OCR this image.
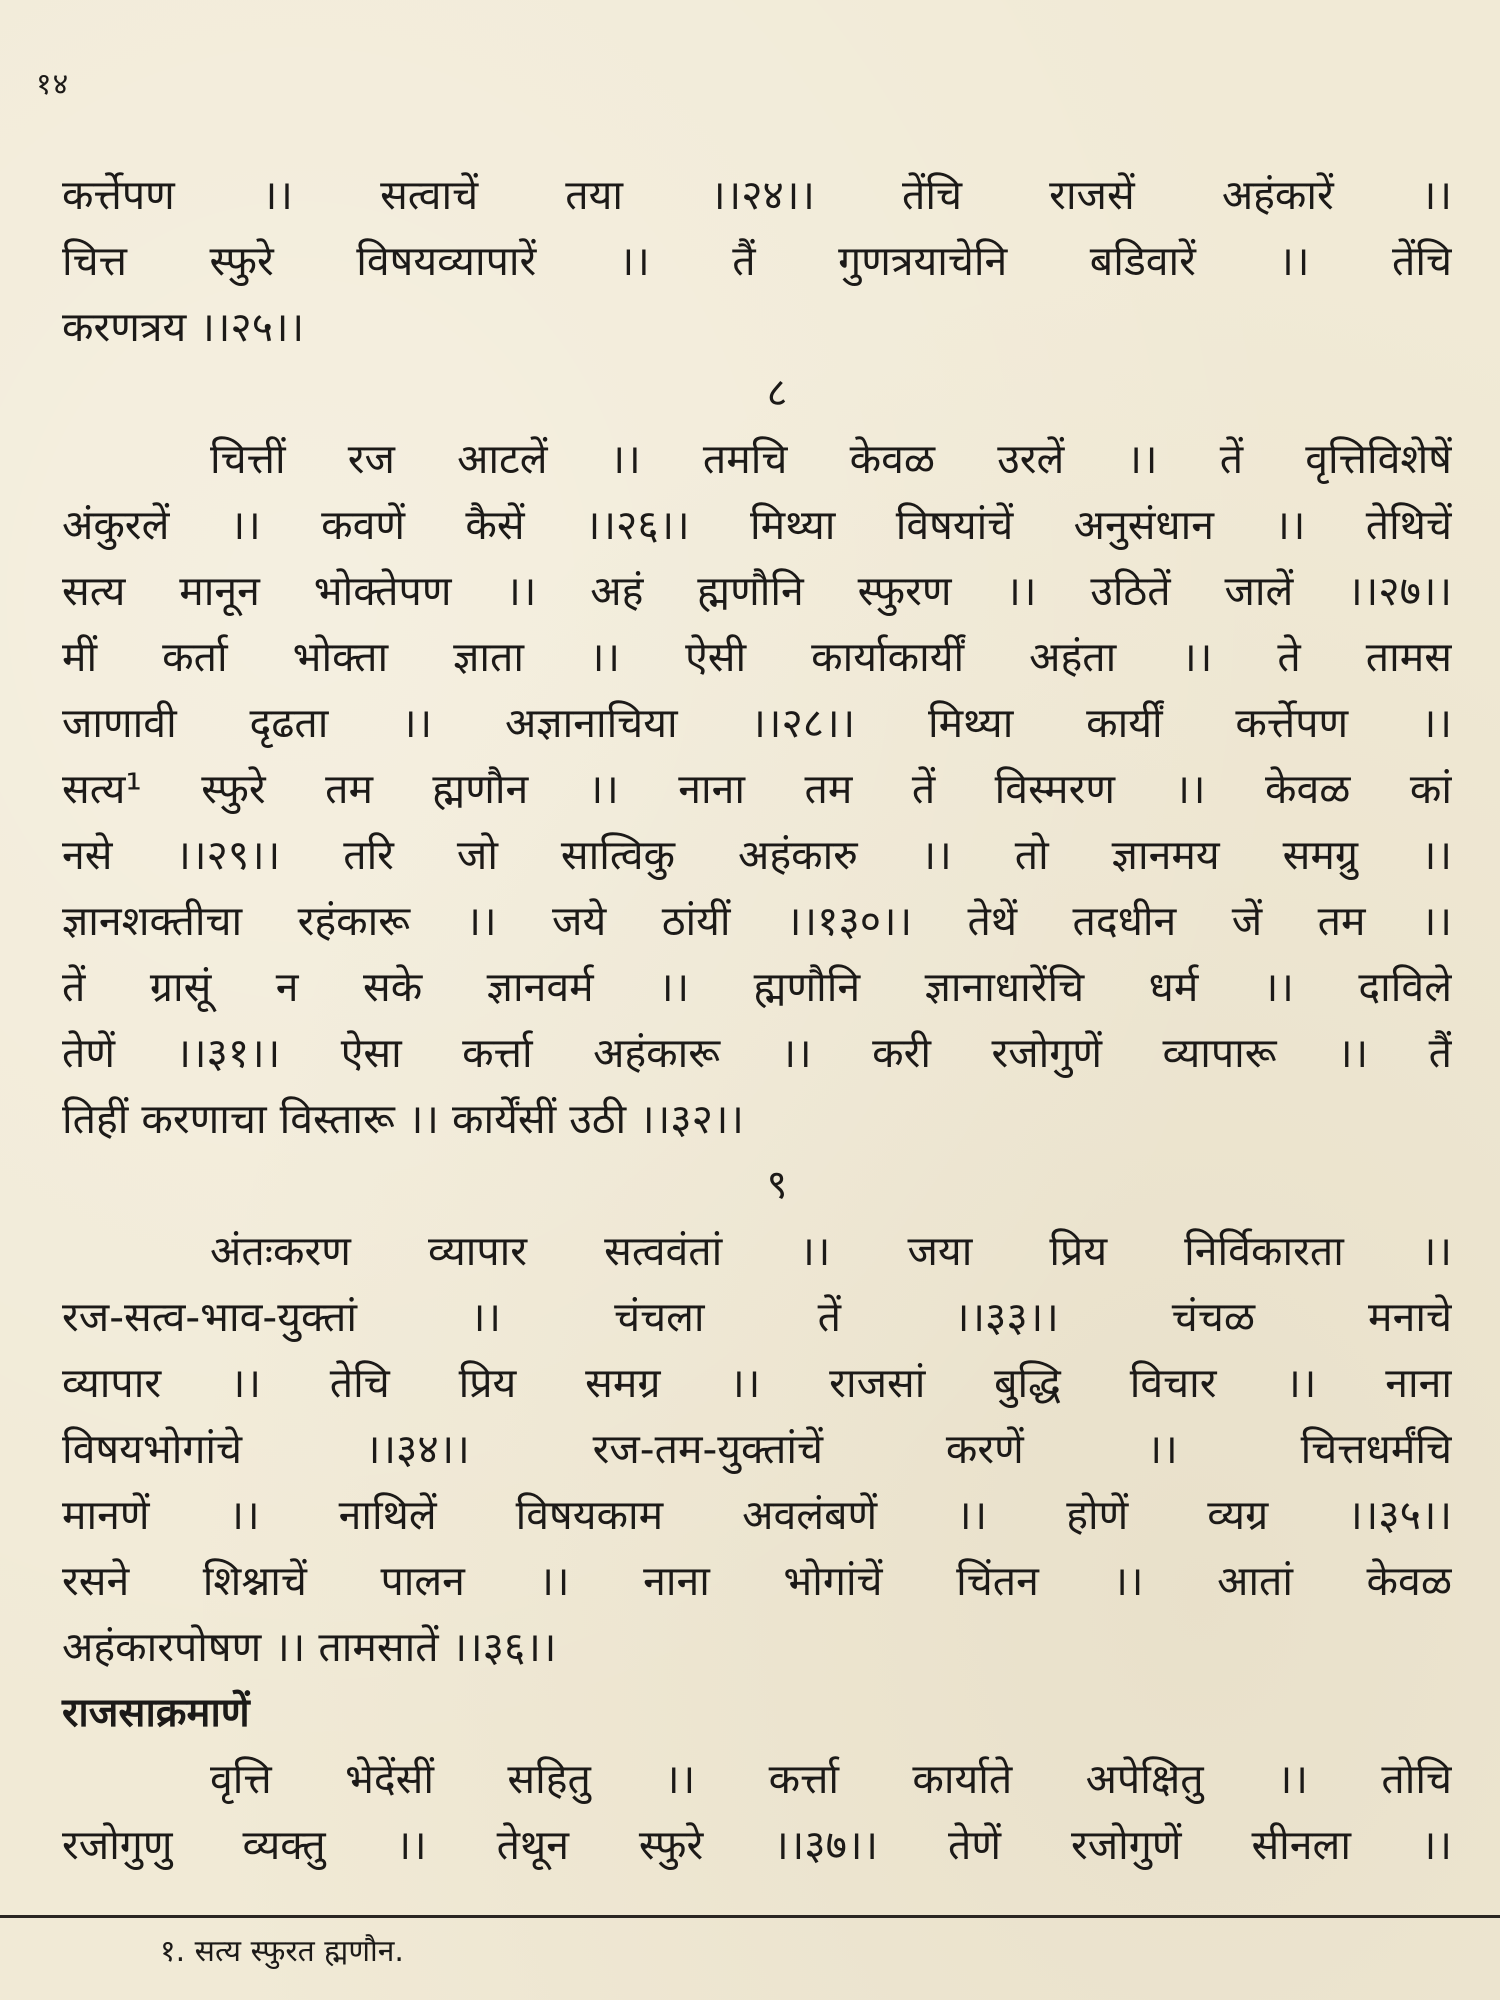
१४
कर्त्तेपण ।। सत्वाचें तया ।।२४।। तेंचि राजसें अहंकारें ।।
चित्त स्फुरे विषयव्यापारें ।। तैं गुणत्रयाचेनि बडिवारें ।। तेंचि
करणत्रय ।।२५।।
८
चित्तीं रज आटलें ।। तमचि केवळ उरलें ।। तें वृत्तिविशेषें
अंकुरलें ।। कवणें कैसें ।।२६।। मिथ्या विषयांचें अनुसंधान ।। तेथिचें
सत्य मानून भोक्तेपण ।। अहं ह्मणौनि स्फुरण ।। उठितें जालें ।।२७।।
मीं कर्ता भोक्ता ज्ञाता ।। ऐसी कार्याकार्यीं अहंता ।। ते तामस
जाणावी दृढता ।। अज्ञानाचिया ।।२८।। मिथ्या कार्यीं कर्त्तेपण ।।
सत्य¹ स्फुरे तम ह्मणौन ।। नाना तम तें विस्मरण ।। केवळ कां
नसे ।।२९।। तरि जो सात्विकु अहंकारु ।। तो ज्ञानमय समग्रु ।।
ज्ञानशक्तीचा रहंकारू ।। जये ठांयीं ।।१३०।। तेथें तदधीन जें तम ।।
तें ग्रासूं न सके ज्ञानवर्म ।। ह्मणौनि ज्ञानाधारेंचि धर्म ।। दाविले
तेणें ।।३१।। ऐसा कर्त्ता अहंकारू ।। करी रजोगुणें व्यापारू ।। तैं
तिहीं करणाचा विस्तारू ।। कार्येंसीं उठी ।।३२।।
९
अंतःकरण व्यापार सत्ववंतां ।। जया प्रिय निर्विकारता ।।
रज-सत्व-भाव-युक्तां ।। चंचला तें ।।३३।। चंचळ मनाचे
व्यापार ।। तेचि प्रिय समग्र ।। राजसां बुद्धि विचार ।। नाना
विषयभोगांचे ।।३४।। रज-तम-युक्तांचें करणें ।। चित्तधर्मंचि
मानणें ।। नाथिलें विषयकाम अवलंबणें ।। होणें व्यग्र ।।३५।।
रसने शिश्नाचें पालन ।। नाना भोगांचें चिंतन ।। आतां केवळ
अहंकारपोषण ।। तामसातें ।।३६।।
राजसाक्रमाणें
वृत्ति भेदेंसीं सहितु ।। कर्त्ता कार्याते अपेक्षितु ।। तोचि
रजोगुणु व्यक्तु ।। तेथून स्फुरे ।।३७।। तेणें रजोगुणें सीनला ।।
१. सत्य स्फुरत ह्मणौन.
